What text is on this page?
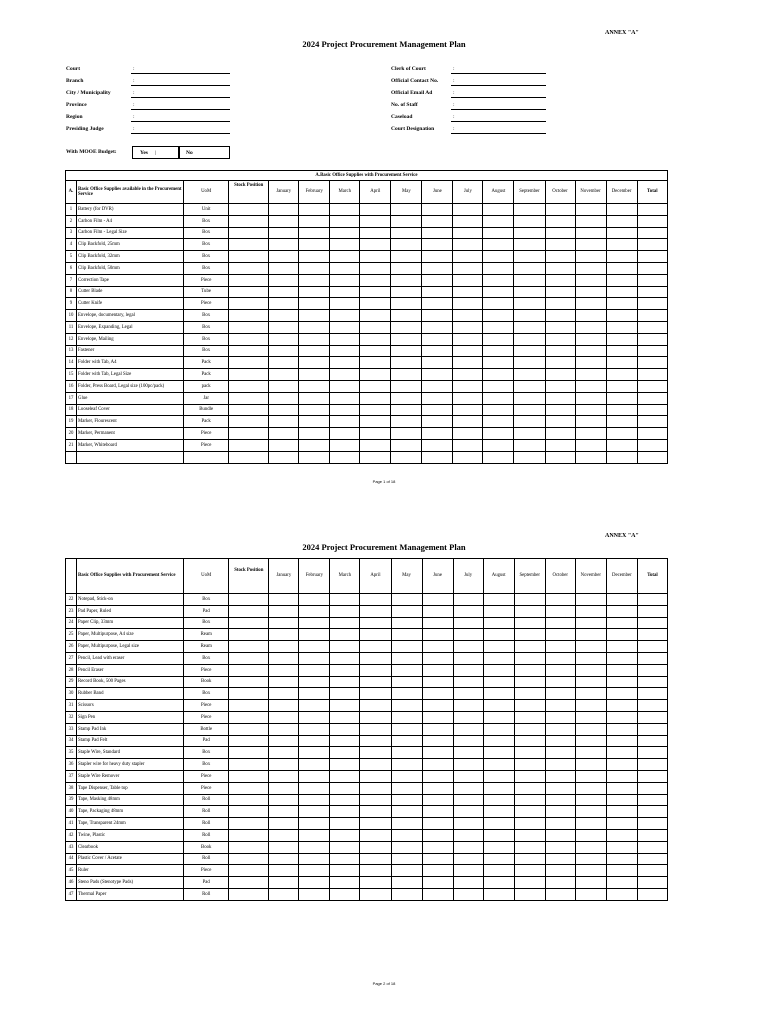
ANNEX "A"
2024 Project Procurement Management Plan
Court	:	Clerk of Court	:
Branch	:	Official Contact No.	:
City / Municipality	:	Official Email Ad	:
Province	:	No. of Staff	:
Region	:	Caseload	:
Presiding Judge	:	Court Designation	:
With MOOE Budget:	Yes |	No
A.Basic Office Supplies with Procurement Service																
A.	Basic Office Supplies available in the Procurement Service	UoM	Stock Position	January	February	March	April	May	June	July	August	September	October	November	December	Total
1	Battery (for DVR)	Unit														
2	Carbon Film - A4	Box														
3	Carbon Film - Legal Size	Box														
4	Clip Backfold, 25mm	Box														
5	Clip Backfold, 32mm	Box														
6	Clip Backfold, 50mm	Box														
7	Correction Tape	Piece														
8	Cutter Blade	Tube														
9	Cutter Knife	Piece														
10	Envelope, documentary, legal	Box														
11	Envelope, Expanding, Legal	Box														
12	Envelope, Mailing	Box														
13	Fastener	Box														
14	Folder with Tab, A4	Pack														
15	Folder with Tab, Legal Size	Pack														
16	Folder, Press Board, Legal size (100pc/pack)	pack														
17	Glue	Jar														
18	Looseleaf Cover	Bundle														
19	Marker, Flourescent	Pack														
20	Marker, Permanent	Piece														
21	Marker, Whiteboard	Piece														

Page 1 of 18
ANNEX "A"
2024 Project Procurement Management Plan
	Basic Office Supplies with Procurement Service	UoM	Stock Position	January	February	March	April	May	June	July	August	September	October	November	December	Total
22	Notepad, Stick-on	Box														
23	Pad Paper, Ruled	Pad														
24	Paper Clip, 33mm	Box														
25	Paper, Multipurpose, A4 size	Ream														
26	Paper, Multipurpose, Legal size	Ream														
27	Pencil, Lead with eraser	Box														
28	Pencil Eraser	Piece														
29	Record Book, 500 Pages	Book														
30	Rubber Band	Box														
31	Scissors	Piece														
32	Sign Pen	Piece														
33	Stamp Pad Ink	Bottle														
34	Stamp Pad Felt	Pad														
35	Staple Wire, Standard	Box														
36	Stapler wire for heavy duty stapler	Box														
37	Staple Wire Remover	Piece														
38	Tape Dispenser, Table top	Piece														
39	Tape, Masking 48mm	Roll														
40	Tape, Packaging 48mm	Roll														
41	Tape, Transparent 24mm	Roll														
42	Twine, Plastic	Roll														
43	Clearbook	Book														
44	Plastic Cover / Acetate	Roll														
45	Ruler	Piece														
46	Steno Pads (Stenotype Pads)	Pad														
47	Thermal Paper	Roll														
Page 2 of 18
